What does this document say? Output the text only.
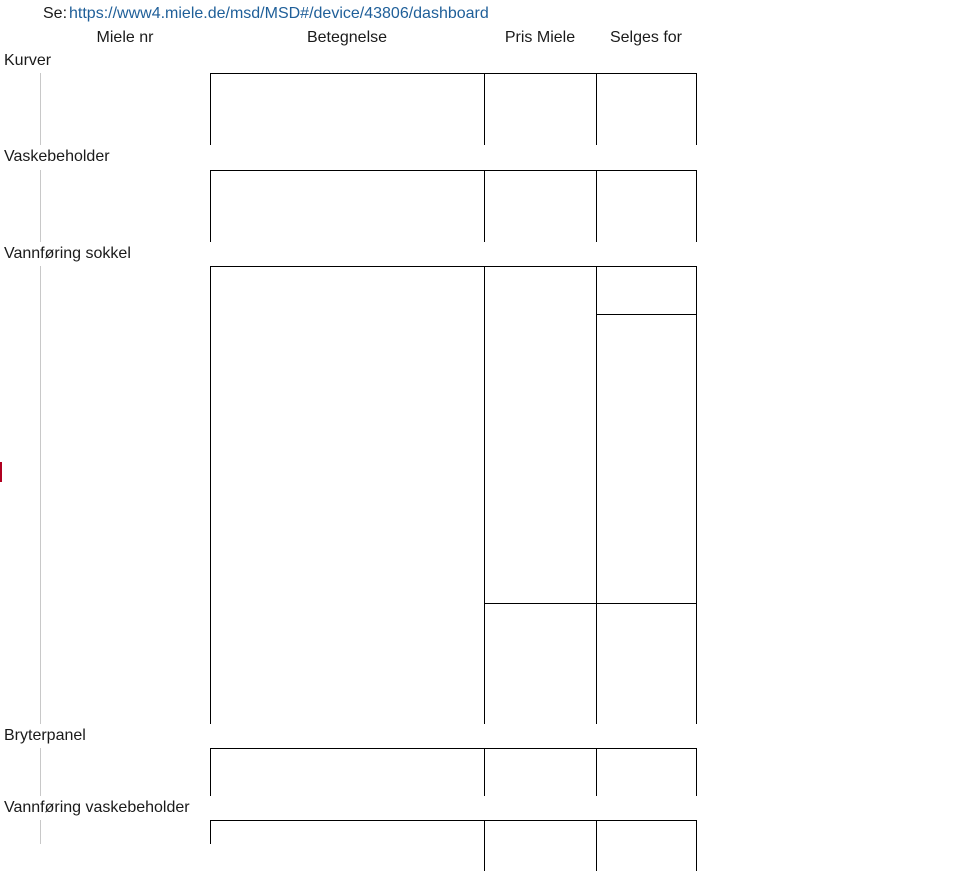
Se: https://www4.miele.de/msd/MSD#/device/43806/dashboard
Miele nr	Betegnelse	Pris Miele	Selges for
Kurver
Vaskebeholder
Vannføring sokkel
Bryterpanel
Vannføring vaskebeholder
